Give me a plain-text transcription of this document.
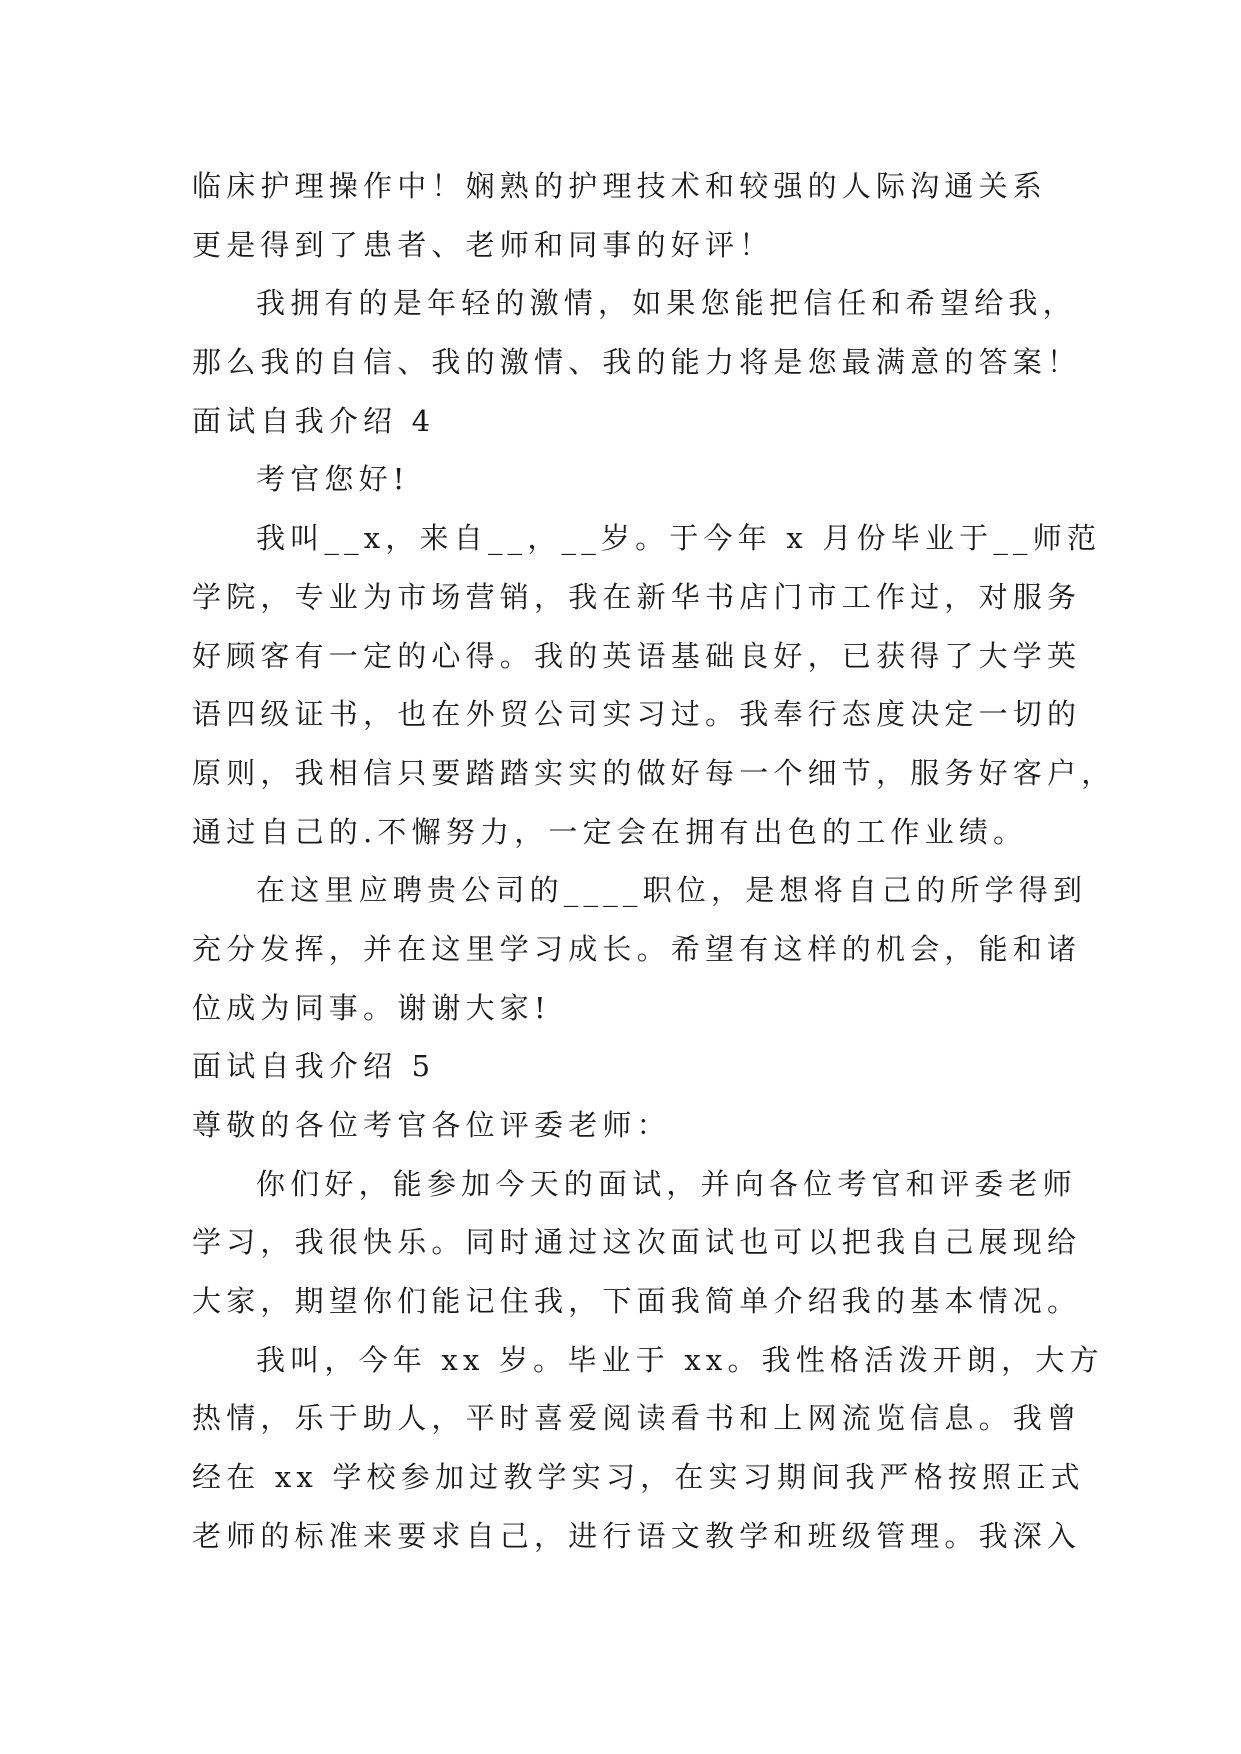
临床护理操作中！娴熟的护理技术和较强的人际沟通关系

更是得到了患者、老师和同事的好评！

我拥有的是年轻的激情，如果您能把信任和希望给我，

那么我的自信、我的激情、我的能力将是您最满意的答案！

面试自我介绍 4

考官您好!

我叫__x，来自__，__岁。于今年 x 月份毕业于__师范

学院，专业为市场营销，我在新华书店门市工作过，对服务

好顾客有一定的心得。我的英语基础良好，已获得了大学英

语四级证书，也在外贸公司实习过。我奉行态度决定一切的

原则，我相信只要踏踏实实的做好每一个细节，服务好客户，

通过自己的.不懈努力，一定会在拥有出色的工作业绩。

在这里应聘贵公司的____职位，是想将自己的所学得到

充分发挥，并在这里学习成长。希望有这样的机会，能和诸

位成为同事。谢谢大家!

面试自我介绍 5

尊敬的各位考官各位评委老师：

你们好，能参加今天的面试，并向各位考官和评委老师

学习，我很快乐。同时通过这次面试也可以把我自己展现给

大家，期望你们能记住我，下面我简单介绍我的基本情况。

我叫，今年 xx 岁。毕业于 xx。我性格活泼开朗，大方

热情，乐于助人，平时喜爱阅读看书和上网流览信息。我曾

经在 xx 学校参加过教学实习，在实习期间我严格按照正式

老师的标准来要求自己，进行语文教学和班级管理。我深入
